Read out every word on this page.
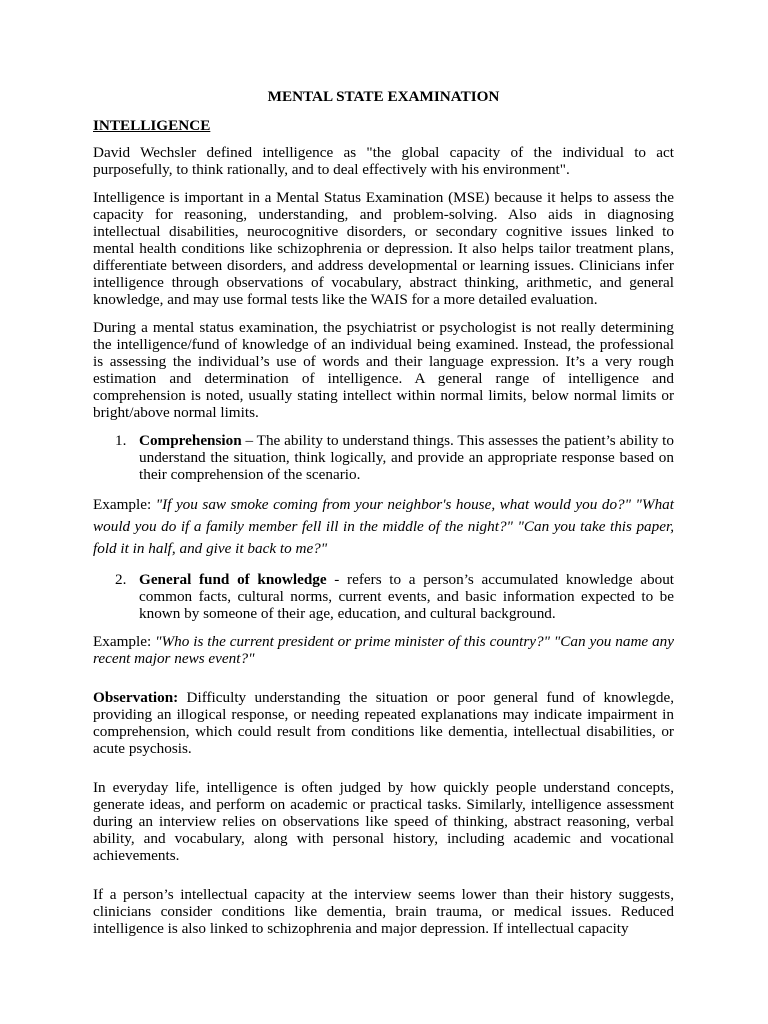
MENTAL STATE EXAMINATION
INTELLIGENCE

David Wechsler defined intelligence as "the global capacity of the individual to act purposefully, to think rationally, and to deal effectively with his environment".

Intelligence is important in a Mental Status Examination (MSE) because it helps to assess the capacity for reasoning, understanding, and problem-solving. Also aids in diagnosing intellectual disabilities, neurocognitive disorders, or secondary cognitive issues linked to mental health conditions like schizophrenia or depression. It also helps tailor treatment plans, differentiate between disorders, and address developmental or learning issues. Clinicians infer intelligence through observations of vocabulary, abstract thinking, arithmetic, and general knowledge, and may use formal tests like the WAIS for a more detailed evaluation.

During a mental status examination, the psychiatrist or psychologist is not really determining the intelligence/fund of knowledge of an individual being examined. Instead, the professional is assessing the individual’s use of words and their language expression. It’s a very rough estimation and determination of intelligence. A general range of intelligence and comprehension is noted, usually stating intellect within normal limits, below normal limits or bright/above normal limits.

1. Comprehension – The ability to understand things. This assesses the patient’s ability to understand the situation, think logically, and provide an appropriate response based on their comprehension of the scenario.

Example: "If you saw smoke coming from your neighbor's house, what would you do?" "What would you do if a family member fell ill in the middle of the night?" "Can you take this paper, fold it in half, and give it back to me?"

2. General fund of knowledge - refers to a person’s accumulated knowledge about common facts, cultural norms, current events, and basic information expected to be known by someone of their age, education, and cultural background.

Example: "Who is the current president or prime minister of this country?" "Can you name any recent major news event?"

Observation: Difficulty understanding the situation or poor general fund of knowlegde, providing an illogical response, or needing repeated explanations may indicate impairment in comprehension, which could result from conditions like dementia, intellectual disabilities, or acute psychosis.

In everyday life, intelligence is often judged by how quickly people understand concepts, generate ideas, and perform on academic or practical tasks. Similarly, intelligence assessment during an interview relies on observations like speed of thinking, abstract reasoning, verbal ability, and vocabulary, along with personal history, including academic and vocational achievements.

If a person’s intellectual capacity at the interview seems lower than their history suggests, clinicians consider conditions like dementia, brain trauma, or medical issues. Reduced intelligence is also linked to schizophrenia and major depression. If intellectual capacity
